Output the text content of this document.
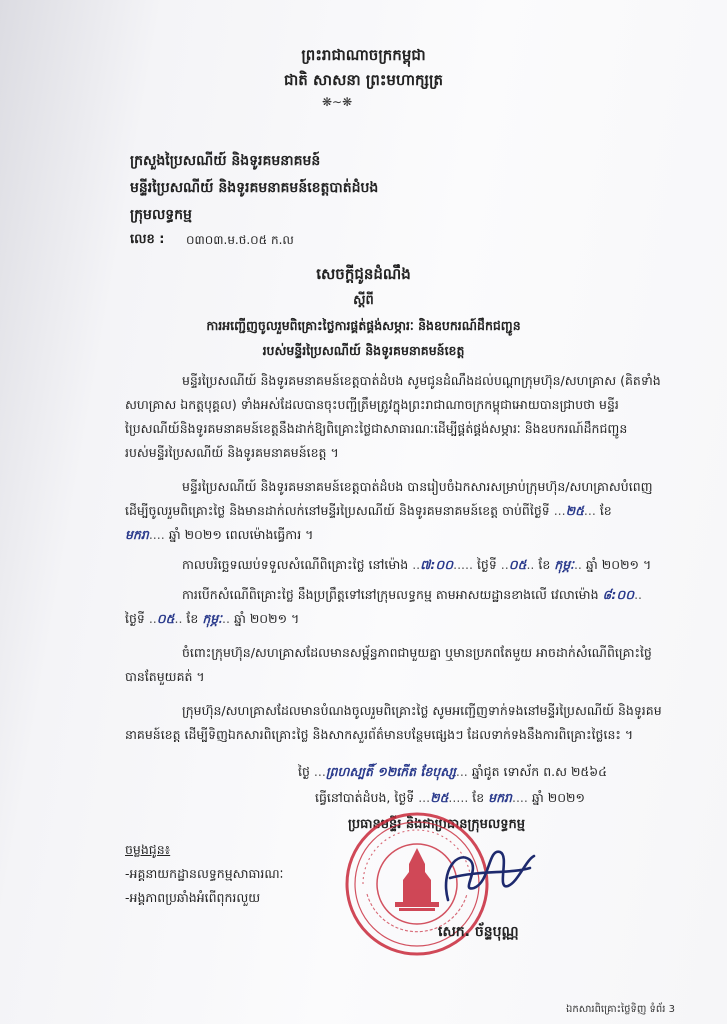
ព្រះរាជាណាចក្រកម្ពុជា
ជាតិ សាសនា ព្រះមហាក្សត្រ
❋∼❋
ក្រសួងប្រៃសណីយ៍ និងទូរគមនាគមន៍
មន្ទីរប្រៃសណីយ៍ និងទូរគមនាគមន៍ខេត្តបាត់ដំបង
ក្រុមលទ្ធកម្ម
លេខ : ០៣០៣.ម.ថ.០៥ ក.ល
សេចក្តីជូនដំណឹង
ស្តីពី
ការអញ្ជើញចូលរួមពិគ្រោះថ្លៃការផ្គត់ផ្គង់សម្ភារៈ និងឧបករណ៍ដឹកជញ្ជូន
របស់មន្ទីរប្រៃសណីយ៍ និងទូរគមនាគមន៍ខេត្ត
មន្ទីរប្រៃសណីយ៍ និងទូរគមនាគមន៍ខេត្តបាត់ដំបង សូមជូនដំណឹងដល់បណ្តាក្រុមហ៊ុន/សហគ្រាស (គិតទាំង
សហគ្រាស ឯកត្តបុគ្គល) ទាំងអស់ដែលបានចុះបញ្ជីត្រឹមត្រូវក្នុងព្រះរាជាណាចក្រកម្ពុជាអោយបានជ្រាបថា មន្ទីរ
ប្រៃសណីយ៍និងទូរគមនាគមន៍ខេត្តនឹងដាក់ឱ្យពិគ្រោះថ្លៃជាសាធារណៈដើម្បីផ្គត់ផ្គង់សម្ភារៈ និងឧបករណ៍ដឹកជញ្ជូន
របស់មន្ទីរប្រៃសណីយ៍ និងទូរគមនាគមន៍ខេត្ត ។
មន្ទីរប្រៃសណីយ៍ និងទូរគមនាគមន៍ខេត្តបាត់ដំបង បានរៀបចំឯកសារសម្រាប់ក្រុមហ៊ុន/សហគ្រាសបំពេញ
ដើម្បីចូលរួមពិគ្រោះថ្លៃ និងមានដាក់លក់នៅមន្ទីរប្រៃសណីយ៍ និងទូរគមនាគមន៍ខេត្ត ចាប់ពីថ្ងៃទី ...២៥... ខែ
មករា.... ឆ្នាំ ២០២១ ពេលម៉ោងធ្វើការ ។
កាលបរិច្ឆេទឈប់ទទួលសំណើពិគ្រោះថ្លៃ នៅម៉ោង ..៧:០០..... ថ្ងៃទី ..០៥.. ខែ កុម្ភៈ.. ឆ្នាំ ២០២១ ។
ការបើកសំណើពិគ្រោះថ្លៃ នឹងប្រព្រឹត្តទៅនៅក្រុមលទ្ធកម្ម តាមអាសយដ្ឋានខាងលើ វេលាម៉ោង ៨:០០..
ថ្ងៃទី ..០៥.. ខែ កុម្ភៈ.. ឆ្នាំ ២០២១ ។
ចំពោះក្រុមហ៊ុន/សហគ្រាសដែលមានសម្ព័ន្ធភាពជាមួយគ្នា ឬមានប្រភពតែមួយ អាចដាក់សំណើពិគ្រោះថ្លៃ
បានតែមួយគត់ ។
ក្រុមហ៊ុន/សហគ្រាសដែលមានបំណងចូលរួមពិគ្រោះថ្លៃ សូមអញ្ជើញទាក់ទងនៅមន្ទីរប្រៃសណីយ៍ និងទូរគម
នាគមន៍ខេត្ត ដើម្បីទិញឯកសារពិគ្រោះថ្លៃ និងសាកសួរព័ត៌មានបន្ថែមផ្សេងៗ ដែលទាក់ទងនឹងការពិគ្រោះថ្លៃនេះ ។
ថ្ងៃ ...ព្រហស្បតិ៍ ១២កើត ខែបុស្ស... ឆ្នាំជូត ទោស័ក ព.ស ២៥៦៤
ធ្វើនៅបាត់ដំបង, ថ្ងៃទី ...២៥..... ខែ មករា.... ឆ្នាំ ២០២១
ប្រធានមន្ទីរ និងជាប្រធានក្រុមលទ្ធកម្ម
ចម្លងជូន៖
-អគ្គនាយកដ្ឋានលទ្ធកម្មសាធារណៈ
-អង្គភាពប្រឆាំងអំពើពុករលួយ
សេក. ច័ន្ទបុណ្ណ
ឯកសារពិគ្រោះថ្លៃទិញ ទំព័រ 3
